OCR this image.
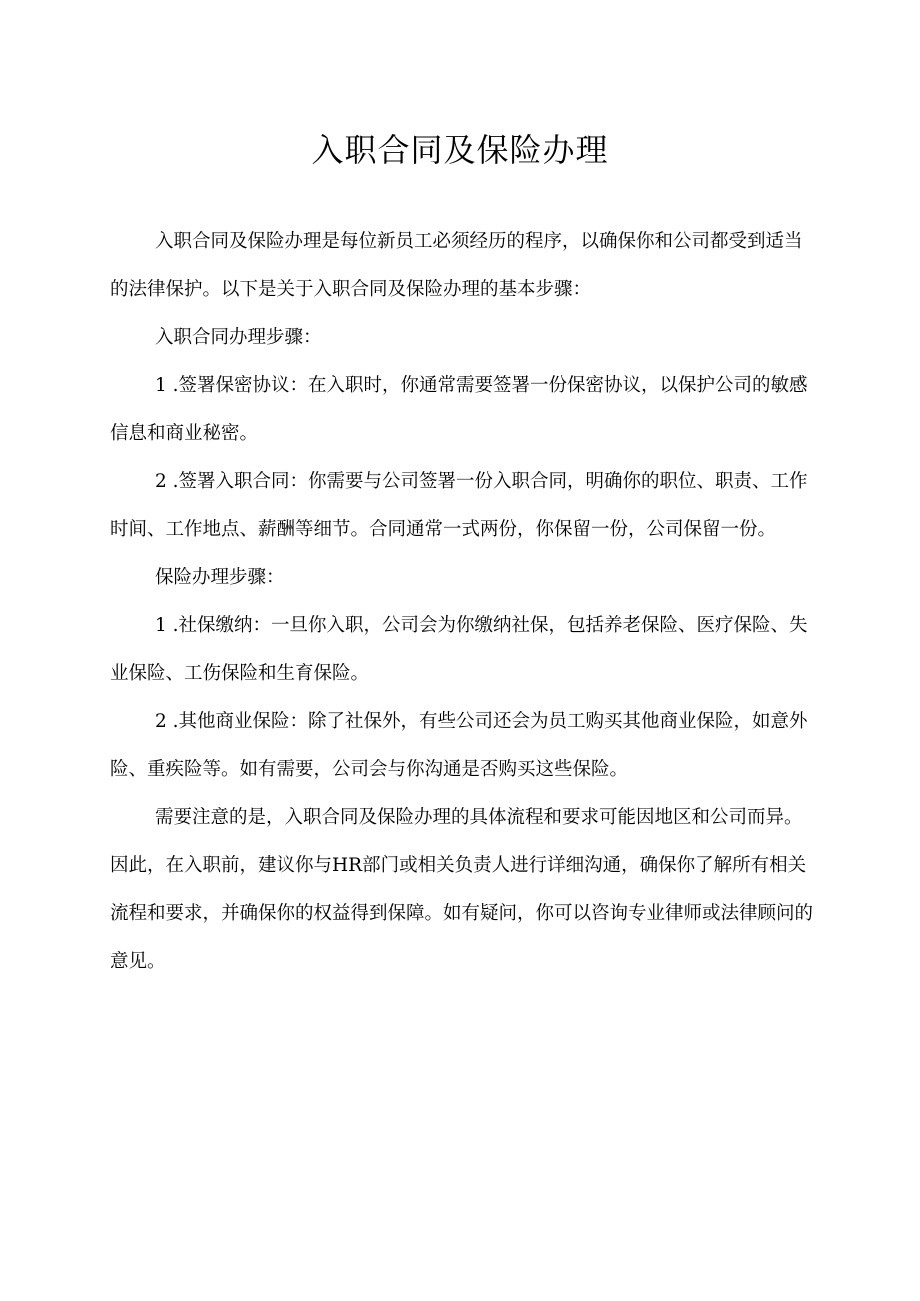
入职合同及保险办理

入职合同及保险办理是每位新员工必须经历的程序，以确保你和公司都受到适当的法律保护。以下是关于入职合同及保险办理的基本步骤：

入职合同办理步骤：

1 .签署保密协议：在入职时，你通常需要签署一份保密协议，以保护公司的敏感信息和商业秘密。

2 .签署入职合同：你需要与公司签署一份入职合同，明确你的职位、职责、工作时间、工作地点、薪酬等细节。合同通常一式两份，你保留一份，公司保留一份。

保险办理步骤：

1 .社保缴纳：一旦你入职，公司会为你缴纳社保，包括养老保险、医疗保险、失业保险、工伤保险和生育保险。

2 .其他商业保险：除了社保外，有些公司还会为员工购买其他商业保险，如意外险、重疾险等。如有需要，公司会与你沟通是否购买这些保险。

需要注意的是，入职合同及保险办理的具体流程和要求可能因地区和公司而异。因此，在入职前，建议你与HR部门或相关负责人进行详细沟通，确保你了解所有相关流程和要求，并确保你的权益得到保障。如有疑问，你可以咨询专业律师或法律顾问的意见。
